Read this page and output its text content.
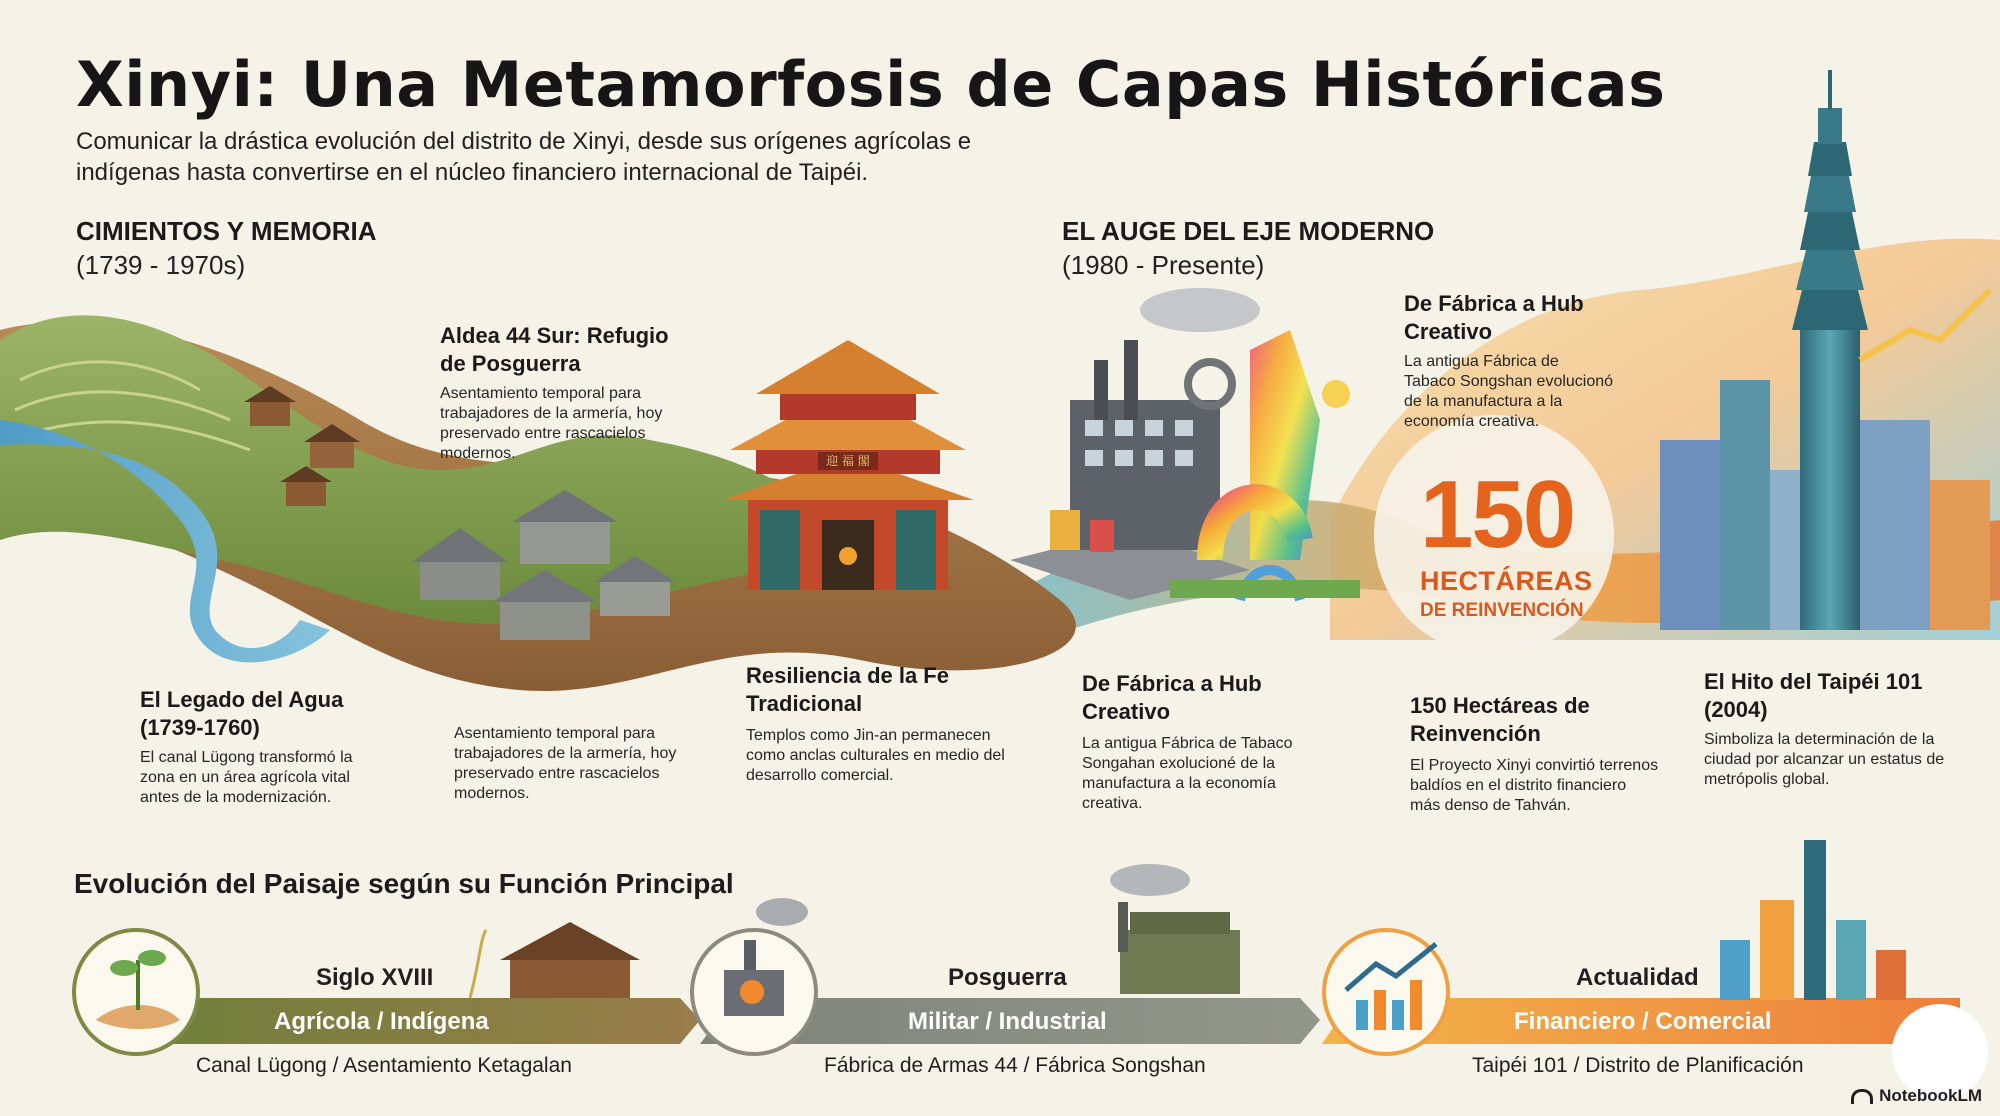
迎 福 閣
Xinyi: Una Metamorfosis de Capas Históricas
Comunicar la drástica evolución del distrito de Xinyi, desde sus orígenes agrícolas e indígenas hasta convertirse en el núcleo financiero internacional de Taipéi.
CIMIENTOS Y MEMORIA
(1739 - 1970s)
EL AUGE DEL EJE MODERNO
(1980 - Presente)
Aldea 44 Sur: Refugio de Posguerra
Asentamiento temporal para trabajadores de la armería, hoy preservado entre rascacielos modernos.
De Fábrica a Hub Creativo
La antigua Fábrica de Tabaco Songshan evolucionó de la manufactura a la economía creativa.
150
HECTÁREAS
DE REINVENCIÓN
El Legado del Agua (1739-1760)
El canal Lügong transformó la zona en un área agrícola vital antes de la modernización.
Asentamiento temporal para trabajadores de la armería, hoy preservado entre rascacielos modernos.
Resiliencia de la Fe Tradicional
Templos como Jin-an permanecen como anclas culturales en medio del desarrollo comercial.
De Fábrica a Hub Creativo
La antigua Fábrica de Tabaco Songahan exolucioné de la manufactura a la economía creativa.
150 Hectáreas de Reinvención
El Proyecto Xinyi convirtió terrenos baldíos en el distrito financiero más denso de Tahván.
El Hito del Taipéi 101 (2004)
Simboliza la determinación de la ciudad por alcanzar un estatus de metrópolis global.
Evolución del Paisaje según su Función Principal
Siglo XVIII
Agrícola / Indígena
Canal Lügong / Asentamiento Ketagalan
Posguerra
Militar / Industrial
Fábrica de Armas 44 / Fábrica Songshan
Actualidad
Financiero / Comercial
Taipéi 101 / Distrito de Planificación
NotebookLM
